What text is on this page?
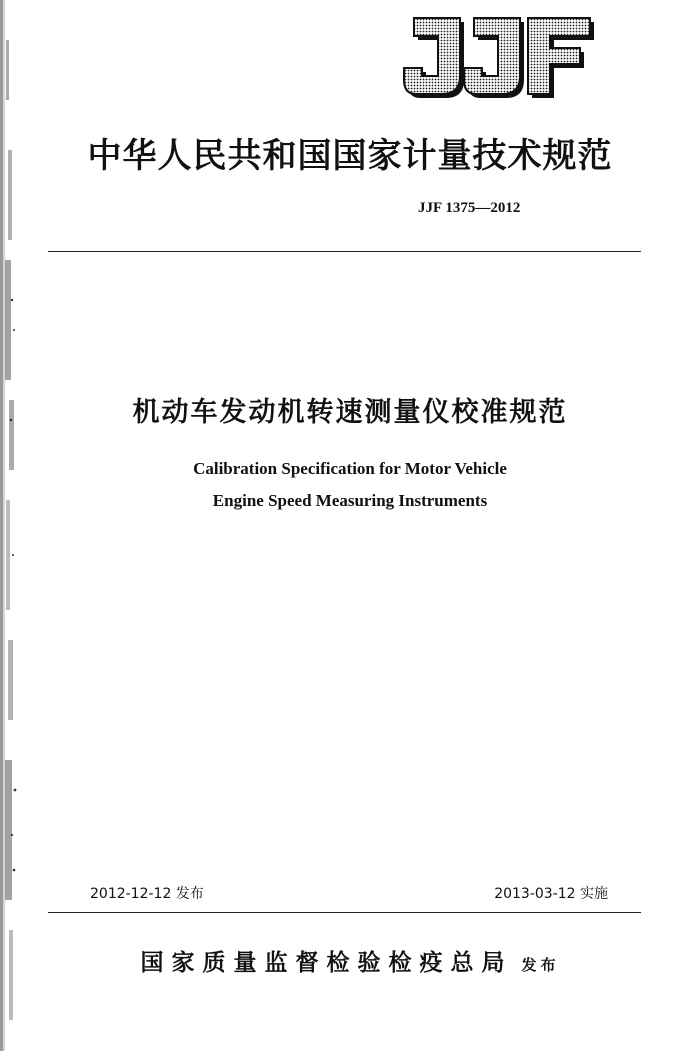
中华人民共和国国家计量技术规范
JJF 1375—2012
机动车发动机转速测量仪校准规范
Calibration Specification for Motor Vehicle
Engine Speed Measuring Instruments
2012-12-12 发布	2013-03-12 实施
国家质量监督检验检疫总局 发布
